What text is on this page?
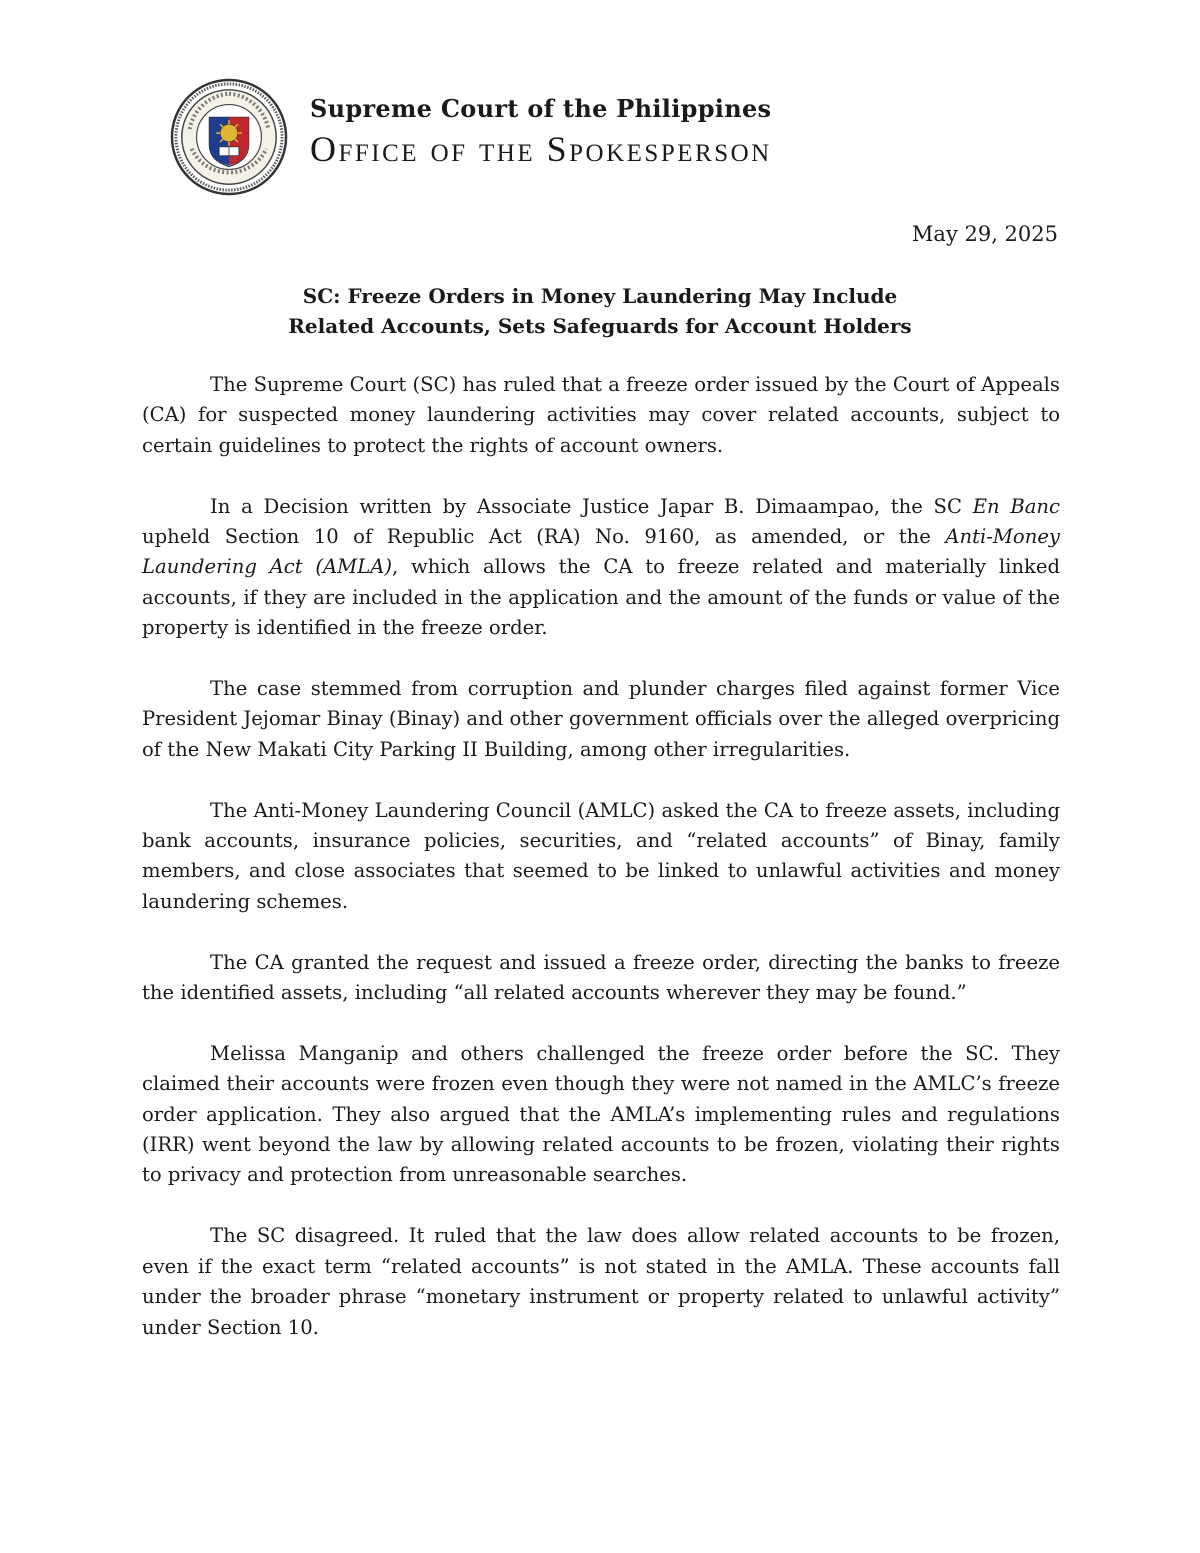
Supreme Court of the Philippines
Office of the Spokesperson
May 29, 2025
SC: Freeze Orders in Money Laundering May Include
Related Accounts, Sets Safeguards for Account Holders

The Supreme Court (SC) has ruled that a freeze order issued by the Court of Appeals (CA) for suspected money laundering activities may cover related accounts, subject to certain guidelines to protect the rights of account owners.

In a Decision written by Associate Justice Japar B. Dimaampao, the SC En Banc upheld Section 10 of Republic Act (RA) No. 9160, as amended, or the Anti-Money Laundering Act (AMLA), which allows the CA to freeze related and materially linked accounts, if they are included in the application and the amount of the funds or value of the property is identified in the freeze order.

The case stemmed from corruption and plunder charges filed against former Vice President Jejomar Binay (Binay) and other government officials over the alleged overpricing of the New Makati City Parking II Building, among other irregularities.

The Anti-Money Laundering Council (AMLC) asked the CA to freeze assets, including bank accounts, insurance policies, securities, and “related accounts” of Binay, family members, and close associates that seemed to be linked to unlawful activities and money laundering schemes.

The CA granted the request and issued a freeze order, directing the banks to freeze the identified assets, including “all related accounts wherever they may be found.”

Melissa Manganip and others challenged the freeze order before the SC. They claimed their accounts were frozen even though they were not named in the AMLC’s freeze order application. They also argued that the AMLA’s implementing rules and regulations (IRR) went beyond the law by allowing related accounts to be frozen, violating their rights to privacy and protection from unreasonable searches.

The SC disagreed. It ruled that the law does allow related accounts to be frozen, even if the exact term “related accounts” is not stated in the AMLA. These accounts fall under the broader phrase “monetary instrument or property related to unlawful activity” under Section 10.
